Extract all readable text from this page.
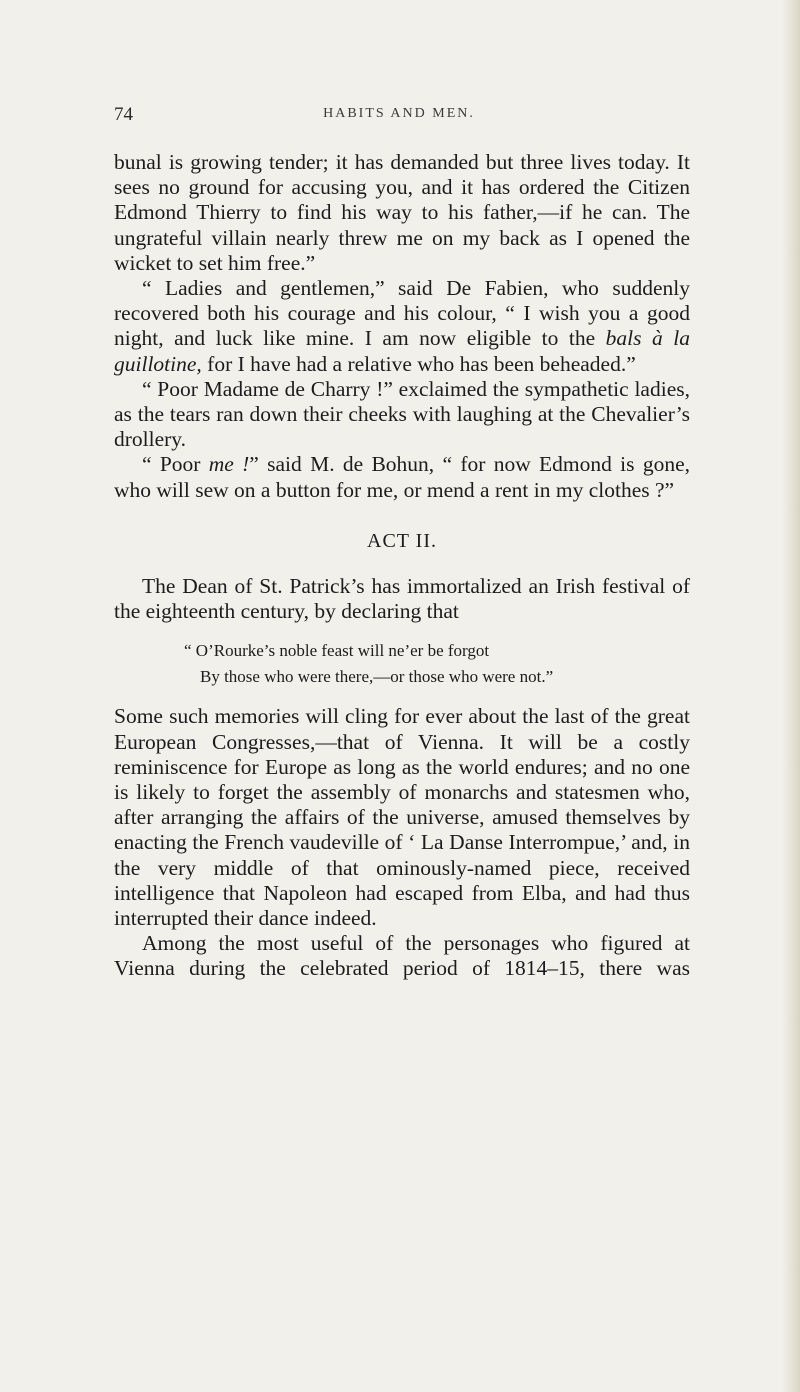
74	HABITS AND MEN.

bunal is growing tender; it has demanded but three lives today. It sees no ground for accusing you, and it has ordered the Citizen Edmond Thierry to find his way to his father,—if he can. The ungrateful villain nearly threw me on my back as I opened the wicket to set him free.”

“ Ladies and gentlemen,” said De Fabien, who suddenly recovered both his courage and his colour, “ I wish you a good night, and luck like mine. I am now eligible to the bals à la guillotine, for I have had a relative who has been beheaded.”

“ Poor Madame de Charry !” exclaimed the sympathetic ladies, as the tears ran down their cheeks with laughing at the Chevalier’s drollery.

“ Poor me !” said M. de Bohun, “ for now Edmond is gone, who will sew on a button for me, or mend a rent in my clothes ?”

ACT II.

The Dean of St. Patrick’s has immortalized an Irish festival of the eighteenth century, by declaring that

“ O’Rourke’s noble feast will ne’er be forgot
By those who were there,—or those who were not.”

Some such memories will cling for ever about the last of the great European Congresses,—that of Vienna. It will be a costly reminiscence for Europe as long as the world endures; and no one is likely to forget the assembly of monarchs and statesmen who, after arranging the affairs of the universe, amused themselves by enacting the French vaudeville of ‘ La Danse Interrompue,’ and, in the very middle of that ominously-named piece, received intelligence that Napoleon had escaped from Elba, and had thus interrupted their dance indeed.

Among the most useful of the personages who figured at Vienna during the celebrated period of 1814–15, there was
